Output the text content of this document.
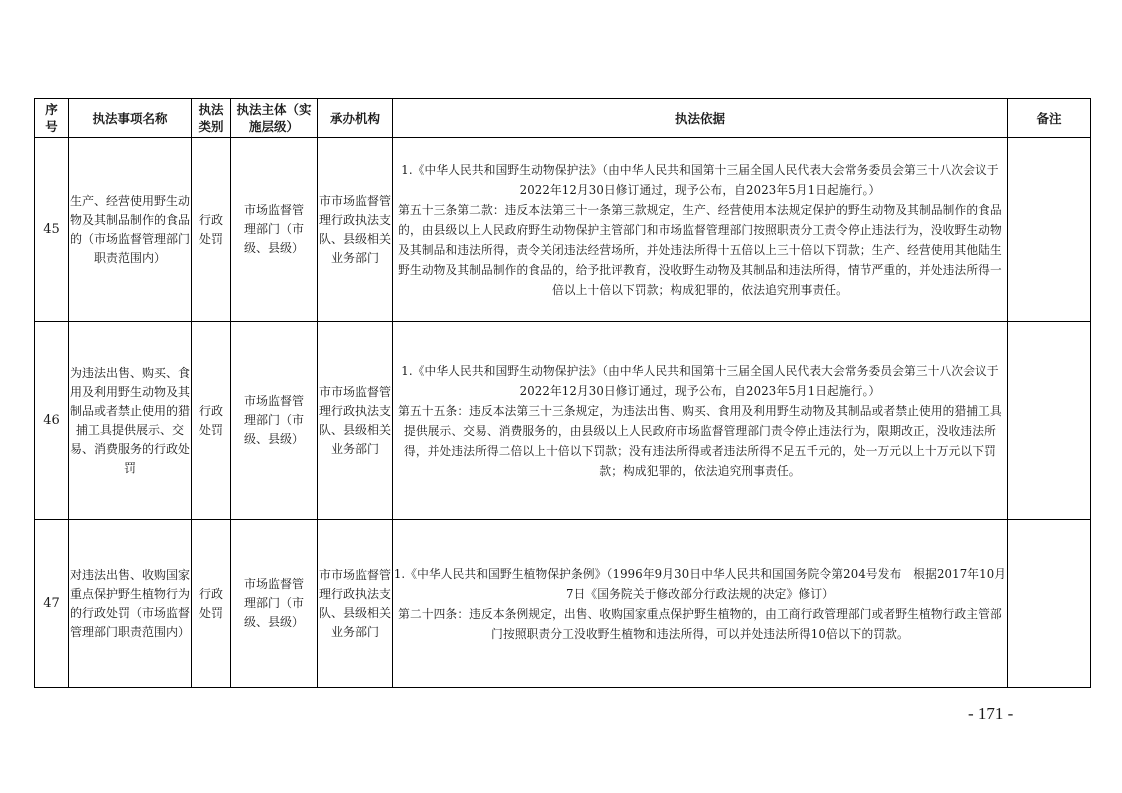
序号	执法事项名称	执法类别	执法主体（实施层级）	承办机构	执法依据	备注
45	生产、经营使用野生动物及其制品制作的食品的（市场监督管理部门职责范围内）	行政处罚	市场监督管理部门（市级、县级）	市市场监督管理行政执法支队、县级相关业务部门	1.《中华人民共和国野生动物保护法》（由中华人民共和国第十三届全国人民代表大会常务委员会第三十八次会议于2022年12月30日修订通过，现予公布，自2023年5月1日起施行。）
第五十三条第二款：违反本法第三十一条第三款规定，生产、经营使用本法规定保护的野生动物及其制品制作的食品的，由县级以上人民政府野生动物保护主管部门和市场监督管理部门按照职责分工责令停止违法行为，没收野生动物及其制品和违法所得，责令关闭违法经营场所，并处违法所得十五倍以上三十倍以下罚款；生产、经营使用其他陆生野生动物及其制品制作的食品的，给予批评教育，没收野生动物及其制品和违法所得，情节严重的，并处违法所得一倍以上十倍以下罚款；构成犯罪的，依法追究刑事责任。	

46	为违法出售、购买、食用及利用野生动物及其制品或者禁止使用的猎捕工具提供展示、交易、消费服务的行政处罚	行政处罚	市场监督管理部门（市级、县级）	市市场监督管理行政执法支队、县级相关业务部门	1.《中华人民共和国野生动物保护法》（由中华人民共和国第十三届全国人民代表大会常务委员会第三十八次会议于2022年12月30日修订通过，现予公布，自2023年5月1日起施行。）
第五十五条：违反本法第三十三条规定，为违法出售、购买、食用及利用野生动物及其制品或者禁止使用的猎捕工具提供展示、交易、消费服务的，由县级以上人民政府市场监督管理部门责令停止违法行为，限期改正，没收违法所得，并处违法所得二倍以上十倍以下罚款；没有违法所得或者违法所得不足五千元的，处一万元以上十万元以下罚款；构成犯罪的，依法追究刑事责任。	

47	对违法出售、收购国家重点保护野生植物行为的行政处罚（市场监督管理部门职责范围内）	行政处罚	市场监督管理部门（市级、县级）	市市场监督管理行政执法支队、县级相关业务部门	1.《中华人民共和国野生植物保护条例》（1996年9月30日中华人民共和国国务院令第204号发布　根据2017年10月7日《国务院关于修改部分行政法规的决定》修订）
第二十四条：违反本条例规定，出售、收购国家重点保护野生植物的，由工商行政管理部门或者野生植物行政主管部门按照职责分工没收野生植物和违法所得，可以并处违法所得10倍以下的罚款。	

- 171 -
